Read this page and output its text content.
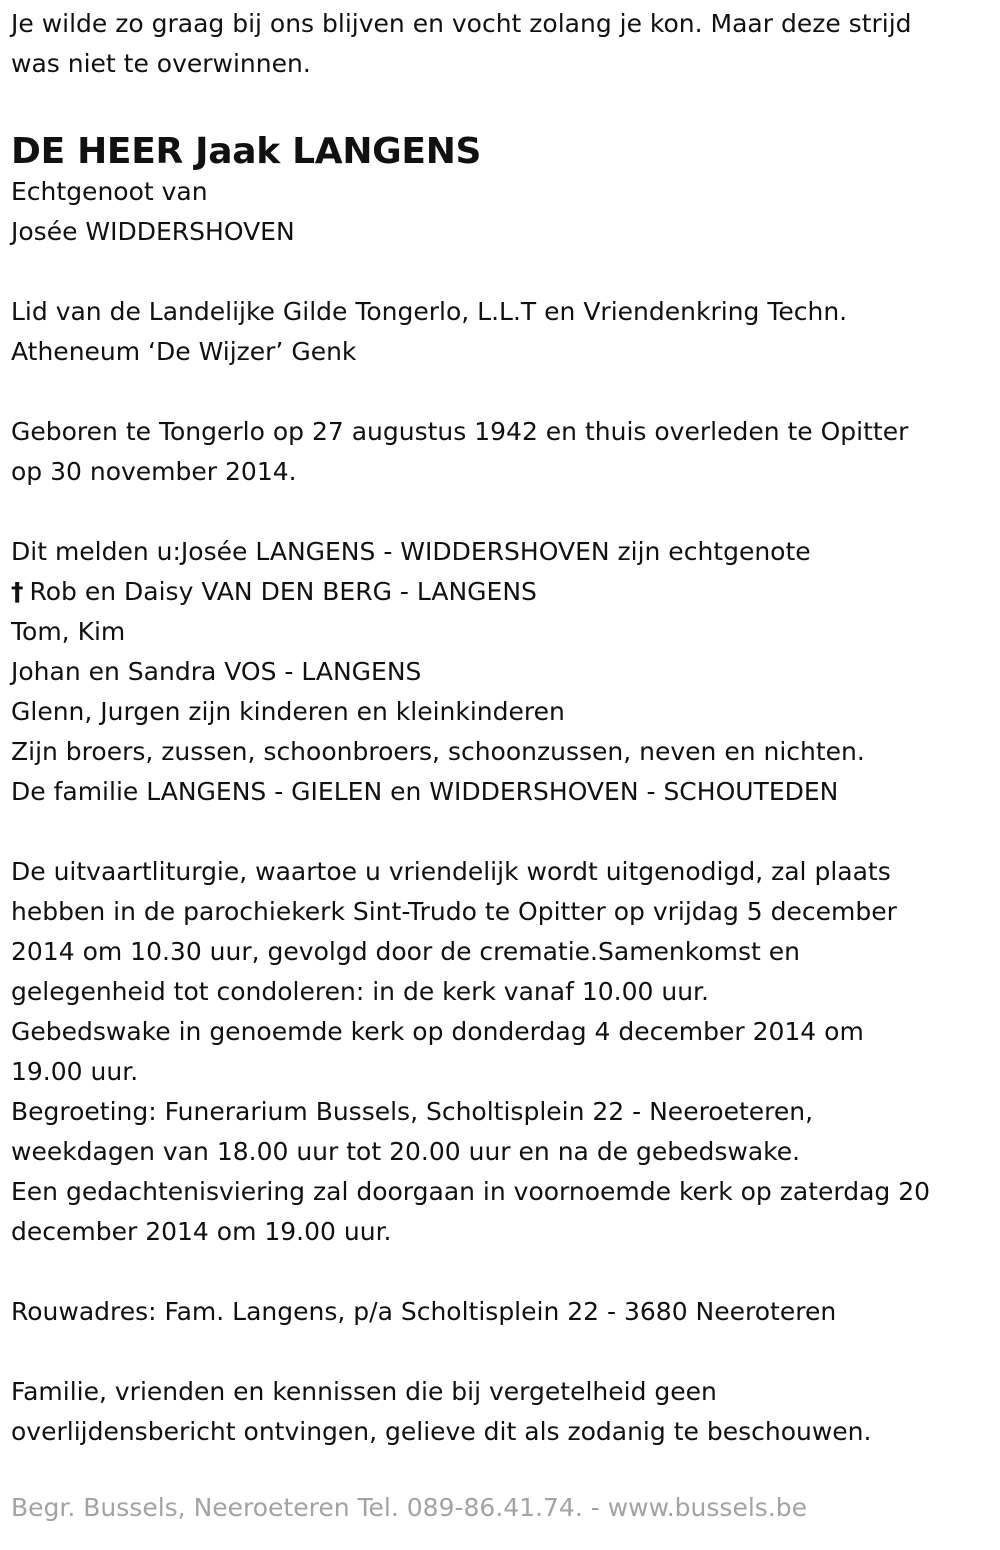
Je wilde zo graag bij ons blijven en vocht zolang je kon. Maar deze strijd
was niet te overwinnen.
DE HEER Jaak LANGENS
Echtgenoot van
Josée WIDDERSHOVEN
Lid van de Landelijke Gilde Tongerlo, L.L.T en Vriendenkring Techn.
Atheneum ‘De Wijzer’ Genk
Geboren te Tongerlo op 27 augustus 1942 en thuis overleden te Opitter
op 30 november 2014.
Dit melden u:Josée LANGENS - WIDDERSHOVEN zijn echtgenote
† Rob en Daisy VAN DEN BERG - LANGENS
Tom, Kim
Johan en Sandra VOS - LANGENS
Glenn, Jurgen zijn kinderen en kleinkinderen
Zijn broers, zussen, schoonbroers, schoonzussen, neven en nichten.
De familie LANGENS - GIELEN en WIDDERSHOVEN - SCHOUTEDEN
De uitvaartliturgie, waartoe u vriendelijk wordt uitgenodigd, zal plaats
hebben in de parochiekerk Sint-Trudo te Opitter op vrijdag 5 december
2014 om 10.30 uur, gevolgd door de crematie.Samenkomst en
gelegenheid tot condoleren: in de kerk vanaf 10.00 uur.
Gebedswake in genoemde kerk op donderdag 4 december 2014 om
19.00 uur.
Begroeting: Funerarium Bussels, Scholtisplein 22 - Neeroeteren,
weekdagen van 18.00 uur tot 20.00 uur en na de gebedswake.
Een gedachtenisviering zal doorgaan in voornoemde kerk op zaterdag 20
december 2014 om 19.00 uur.
Rouwadres: Fam. Langens, p/a Scholtisplein 22 - 3680 Neeroteren
Familie, vrienden en kennissen die bij vergetelheid geen
overlijdensbericht ontvingen, gelieve dit als zodanig te beschouwen.
Begr. Bussels, Neeroeteren Tel. 089-86.41.74. - www.bussels.be
